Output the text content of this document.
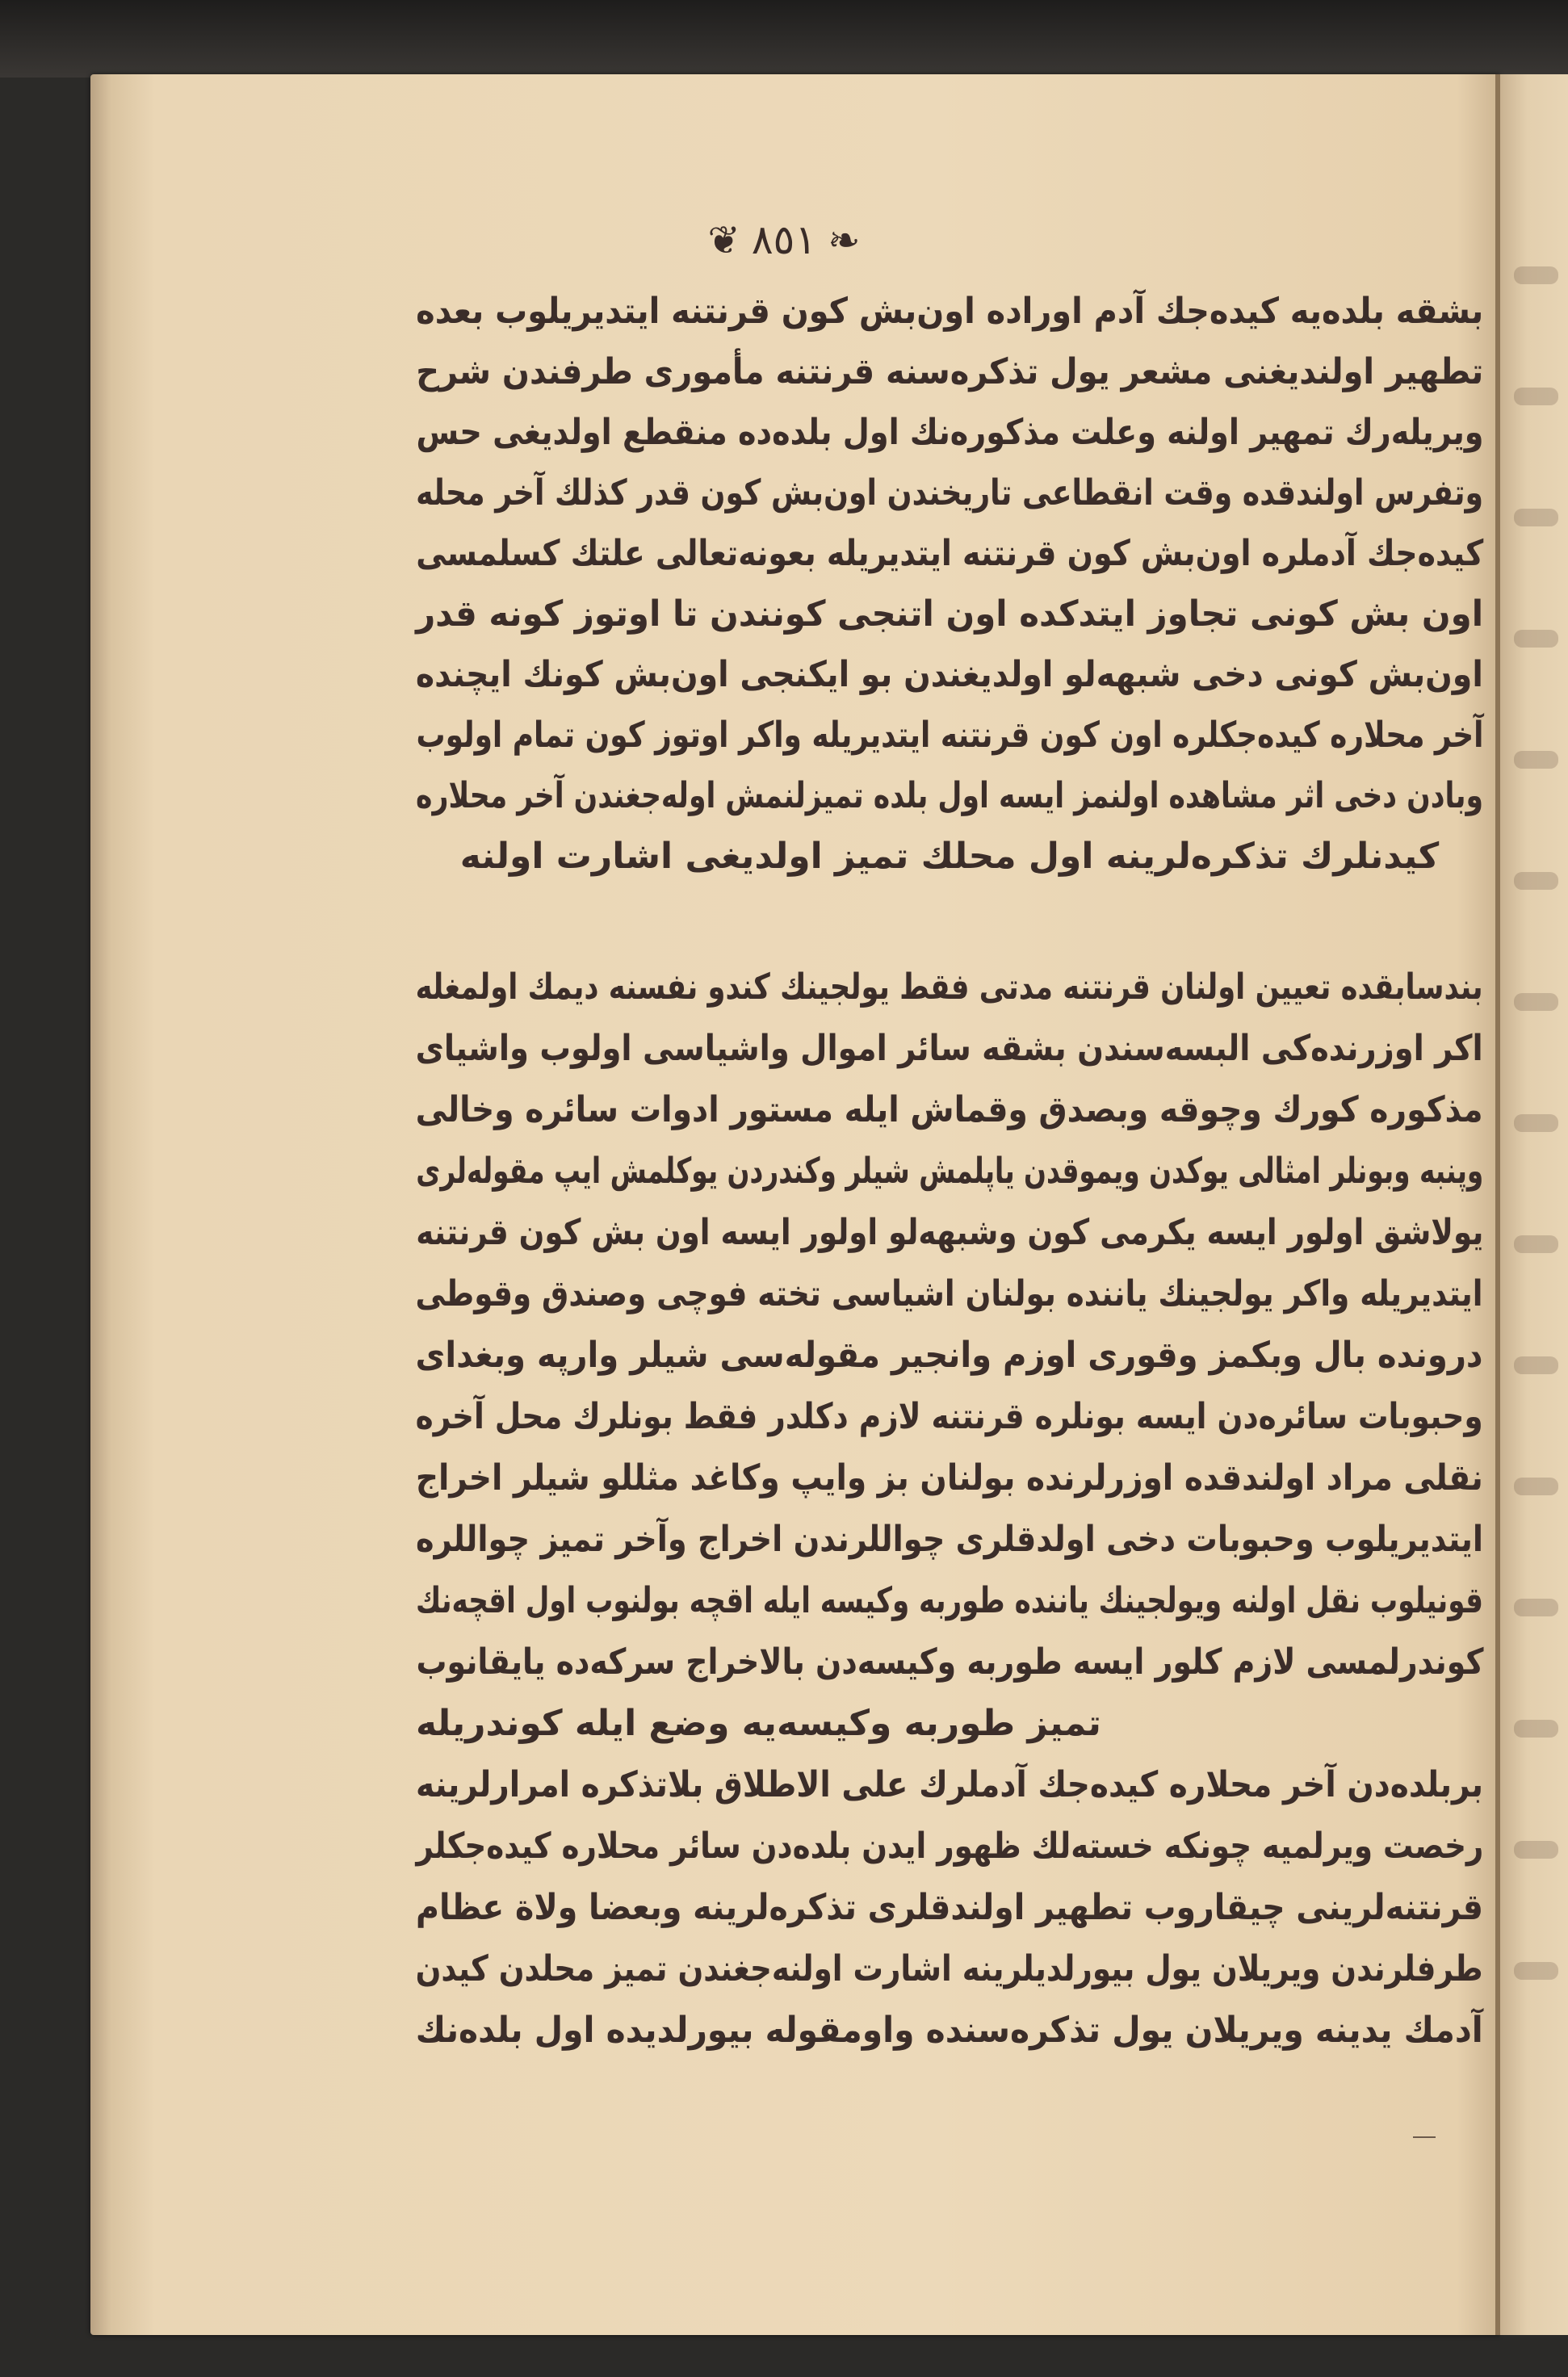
❦ ٨٥١ ❧
بشقه بلده‌یه کیده‌جك آدم اوراده اون‌بش کون قرنتنه ایتدیریلوب بعده
تطهیر اولندیغنی مشعر یول تذکره‌سنه قرنتنه مأموری طرفندن شرح
ویریله‌رك تمهیر اولنه وعلت مذکوره‌نك اول بلده‌ده منقطع اولدیغی حس
وتفرس اولندقده وقت انقطاعی تاریخندن اون‌بش کون قدر کذلك آخر محله
کیده‌جك آدملره اون‌بش کون قرنتنه ایتدیریله بعونه‌تعالی علتك کسلمسی
اون بش کونی تجاوز ایتدکده اون اتنجی کونندن تا اوتوز کونه قدر
اون‌بش کونی دخی شبهه‌لو اولدیغندن بو ایکنجی اون‌بش کونك ایچنده
آخر محلاره کیده‌جکلره اون کون قرنتنه ایتدیریله واکر اوتوز کون تمام اولوب
وبادن دخی اثر مشاهده اولنمز ایسه اول بلده تمیزلنمش اوله‌جغندن آخر محلاره
کیدنلرك تذکره‌لرینه اول محلك تمیز اولدیغی اشارت اولنه
بندسابقده تعیین اولنان قرنتنه مدتی فقط یولجینك کندو نفسنه دیمك اولمغله
اکر اوزرنده‌کی البسه‌سندن بشقه سائر اموال واشیاسی اولوب واشیای
مذکوره کورك وچوقه وبصدق وقماش ایله مستور ادوات سائره وخالی
وپنبه وبونلر امثالی یوکدن ویموقدن یاپلمش شیلر وکندردن یوکلمش ایپ مقوله‌لری
یولاشق اولور ایسه یکرمی کون وشبهه‌لو اولور ایسه اون بش کون قرنتنه
ایتدیریله واکر یولجینك یاننده بولنان اشیاسی تخته فوچی وصندق وقوطی
درونده بال وبکمز وقوری اوزم وانجیر مقوله‌سی شیلر وارپه وبغدای
وحبوبات سائره‌دن ایسه بونلره قرنتنه لازم دکلدر فقط بونلرك محل آخره
نقلی مراد اولندقده اوزرلرنده بولنان بز وایپ وکاغد مثللو شیلر اخراج
ایتدیریلوب وحبوبات دخی اولدقلری چواللرندن اخراج وآخر تمیز چواللره
قونیلوب نقل اولنه ویولجینك یاننده طوربه وکیسه ایله اقچه بولنوب اول اقچه‌نك
کوندرلمسی لازم کلور ایسه طوربه وکیسه‌دن بالاخراج سرکه‌ده یایقانوب
تمیز طوربه وکیسه‌یه وضع ایله کوندریله
بربلده‌دن آخر محلاره کیده‌جك آدملرك علی الاطلاق بلاتذکره امرارلرینه
رخصت ویرلمیه چونکه خسته‌لك ظهور ایدن بلده‌دن سائر محلاره کیده‌جکلر
قرنتنه‌لرینی چیقاروب تطهیر اولندقلری تذکره‌لرینه وبعضا ولاة عظام
طرفلرندن ویریلان یول بیورلدیلرینه اشارت اولنه‌جغندن تمیز محلدن کیدن
آدمك یدینه ویریلان یول تذکره‌سنده واومقوله بیورلدیده اول بلده‌نك
